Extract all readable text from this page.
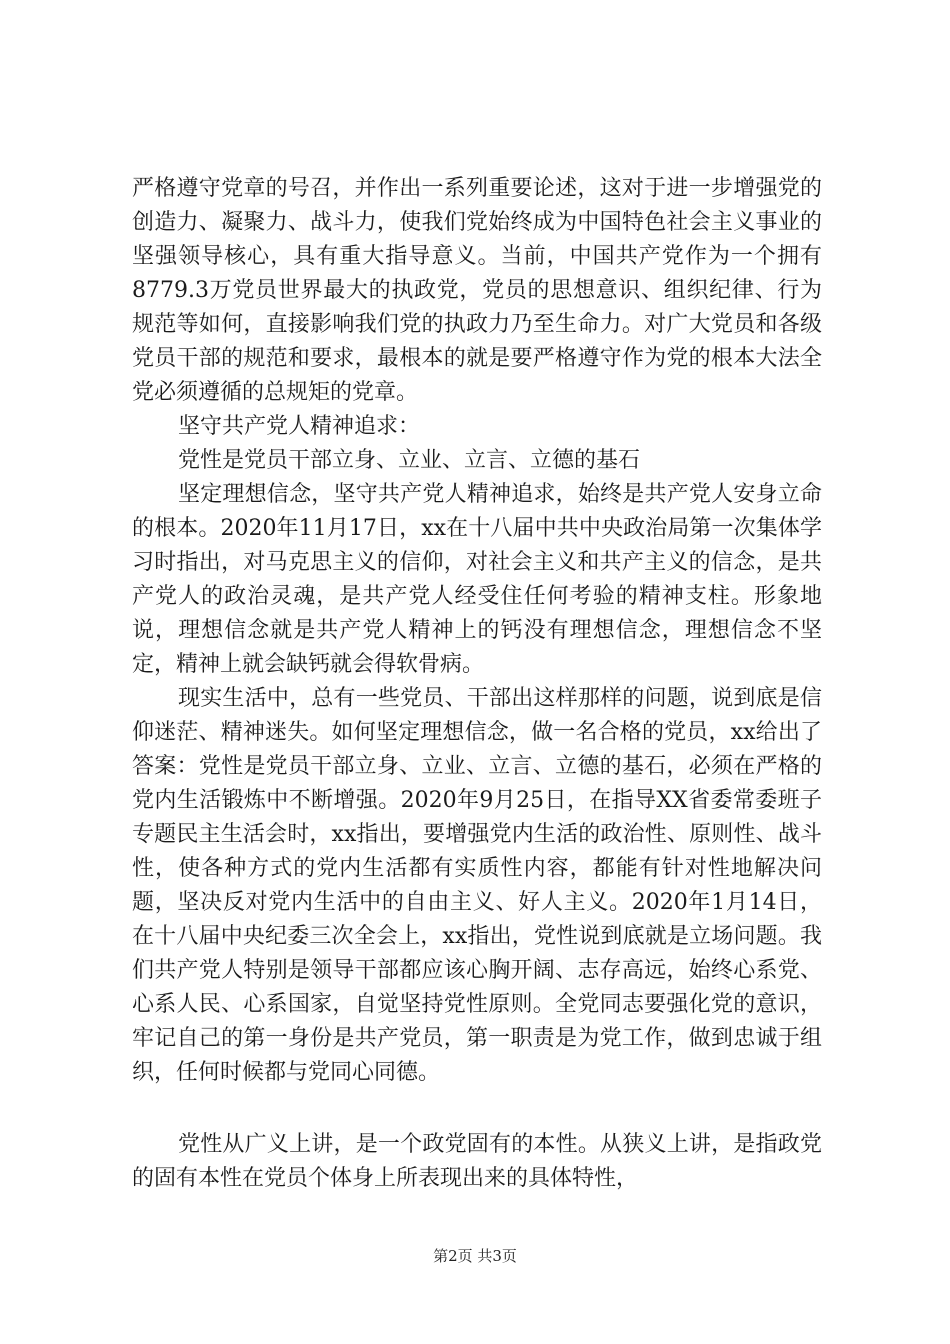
严格遵守党章的号召，并作出一系列重要论述，这对于进一步增强党的创造力、凝聚力、战斗力，使我们党始终成为中国特色社会主义事业的坚强领导核心，具有重大指导意义。当前，中国共产党作为一个拥有8779.3万党员世界最大的执政党，党员的思想意识、组织纪律、行为规范等如何，直接影响我们党的执政力乃至生命力。对广大党员和各级党员干部的规范和要求，最根本的就是要严格遵守作为党的根本大法全党必须遵循的总规矩的党章。

坚守共产党人精神追求：

党性是党员干部立身、立业、立言、立德的基石

坚定理想信念，坚守共产党人精神追求，始终是共产党人安身立命的根本。2020年11月17日，xx在十八届中共中央政治局第一次集体学习时指出，对马克思主义的信仰，对社会主义和共产主义的信念，是共产党人的政治灵魂，是共产党人经受住任何考验的精神支柱。形象地说，理想信念就是共产党人精神上的钙没有理想信念，理想信念不坚定，精神上就会缺钙就会得软骨病。

现实生活中，总有一些党员、干部出这样那样的问题，说到底是信仰迷茫、精神迷失。如何坚定理想信念，做一名合格的党员，xx给出了答案：党性是党员干部立身、立业、立言、立德的基石，必须在严格的党内生活锻炼中不断增强。2020年9月25日，在指导XX省委常委班子专题民主生活会时，xx指出，要增强党内生活的政治性、原则性、战斗性，使各种方式的党内生活都有实质性内容，都能有针对性地解决问题，坚决反对党内生活中的自由主义、好人主义。2020年1月14日，在十八届中央纪委三次全会上，xx指出，党性说到底就是立场问题。我们共产党人特别是领导干部都应该心胸开阔、志存高远，始终心系党、心系人民、心系国家，自觉坚持党性原则。全党同志要强化党的意识，牢记自己的第一身份是共产党员，第一职责是为党工作，做到忠诚于组织，任何时候都与党同心同德。

党性从广义上讲，是一个政党固有的本性。从狭义上讲，是指政党的固有本性在党员个体身上所表现出来的具体特性，

第2页 共3页
